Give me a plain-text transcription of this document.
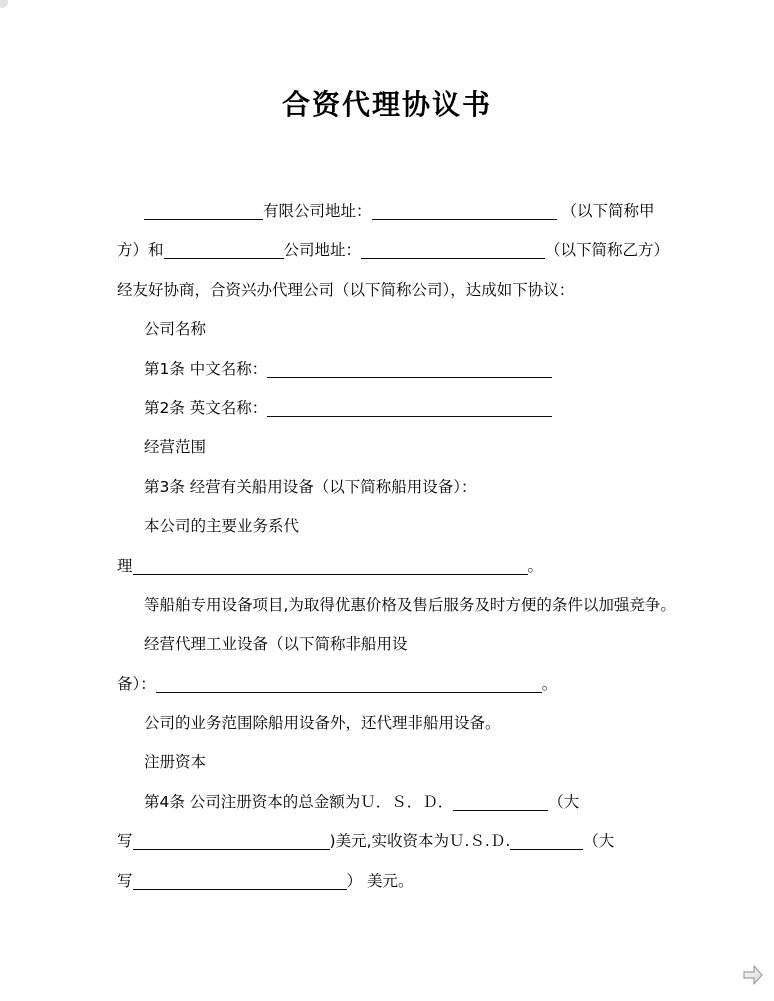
合资代理协议书
有限公司地址：	（以下简称甲
方）和	公司地址：	（以下简称乙方）
经友好协商，合资兴办代理公司（以下简称公司），达成如下协议：
公司名称
第1条 中文名称：
第2条 英文名称：
经营范围
第3条 经营有关船用设备（以下简称船用设备）：
本公司的主要业务系代
理	。
等船舶专用设备项目,为取得优惠价格及售后服务及时方便的条件以加强竞争。
经营代理工业设备（以下简称非船用设
备）：	。
公司的业务范围除船用设备外，还代理非船用设备。
注册资本
第4条 公司注册资本的总金额为Ｕ．Ｓ．Ｄ．	（大
写	)美元,实收资本为Ｕ.Ｓ.Ｄ.	（大
写	） 美元。
